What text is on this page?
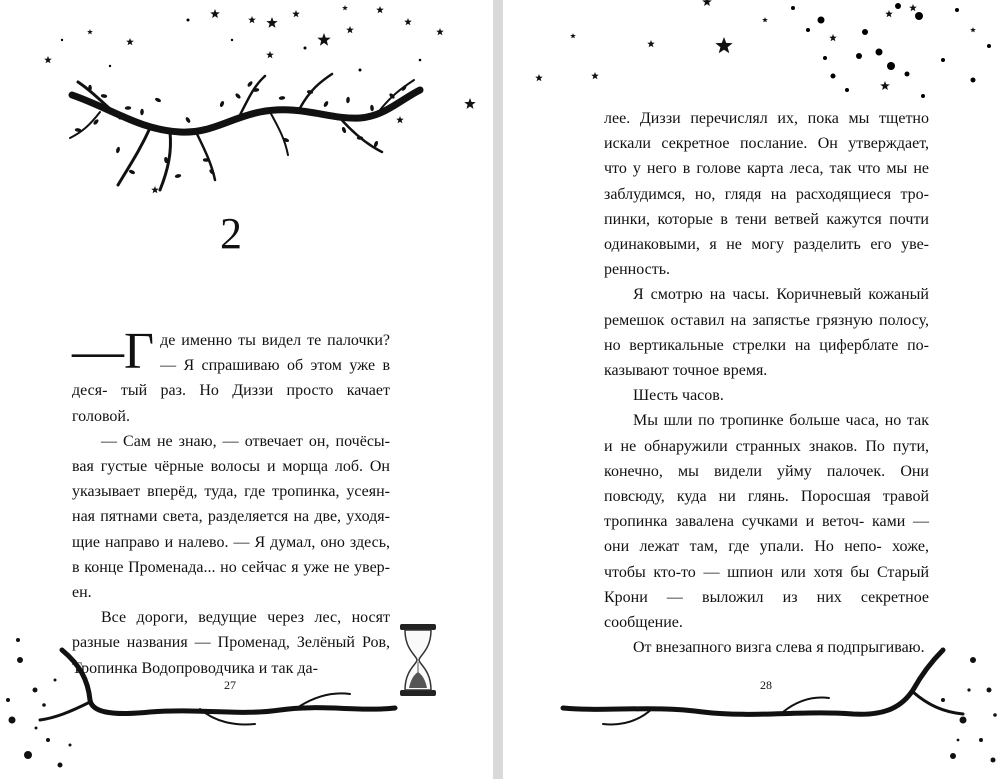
2

—Г де именно ты видел те палочки? — Я спрашиваю об этом уже в деся- тый раз. Но Диззи просто качает головой.

— Сам не знаю, — отвечает он, почёсы- вая густые чёрные волосы и морща лоб. Он указывает вперёд, туда, где тропинка, усеян- ная пятнами света, разделяется на две, уходя- щие направо и налево. — Я думал, оно здесь, в конце Променада... но сейчас я уже не увер- ен.

Все дороги, ведущие через лес, носят разные названия — Променад, Зелёный Ров, Тропинка Водопроводчика и так да-

27

лее. Диззи перечислял их, пока мы тщетно искали секретное послание. Он утверждает, что у него в голове карта леса, так что мы не заблудимся, но, глядя на расходящиеся тро- пинки, которые в тени ветвей кажутся почти одинаковыми, я не могу разделить его уве- ренность.

Я смотрю на часы. Коричневый кожаный ремешок оставил на запястье грязную полосу, но вертикальные стрелки на циферблате по- казывают точное время.

Шесть часов.

Мы шли по тропинке больше часа, но так и не обнаружили странных знаков. По пути, конечно, мы видели уйму палочек. Они повсюду, куда ни глянь. Поросшая травой тропинка завалена сучками и веточ- ками — они лежат там, где упали. Но непо- хоже, чтобы кто-то — шпион или хотя бы Старый Крони — выложил из них секретное сообщение.

От внезапного визга слева я подпрыгиваю.

28
